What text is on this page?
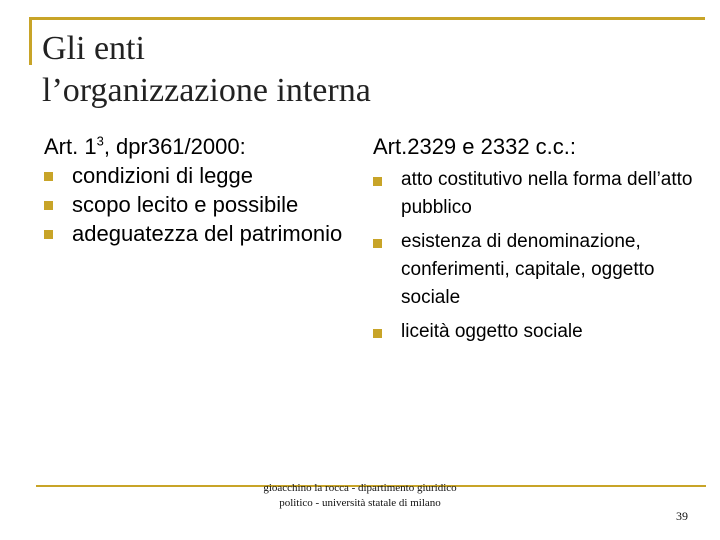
Gli enti
l’organizzazione interna
Art. $1^3$, dpr361/2000:
condizioni di legge
scopo lecito e possibile
adeguatezza del patrimonio
Art.2329 e 2332 c.c.:
atto costitutivo nella forma dell’atto pubblico
esistenza di denominazione, conferimenti, capitale, oggetto sociale
liceità oggetto sociale
gioacchino la rocca - dipartimento giuridico politico - università statale di milano
39
